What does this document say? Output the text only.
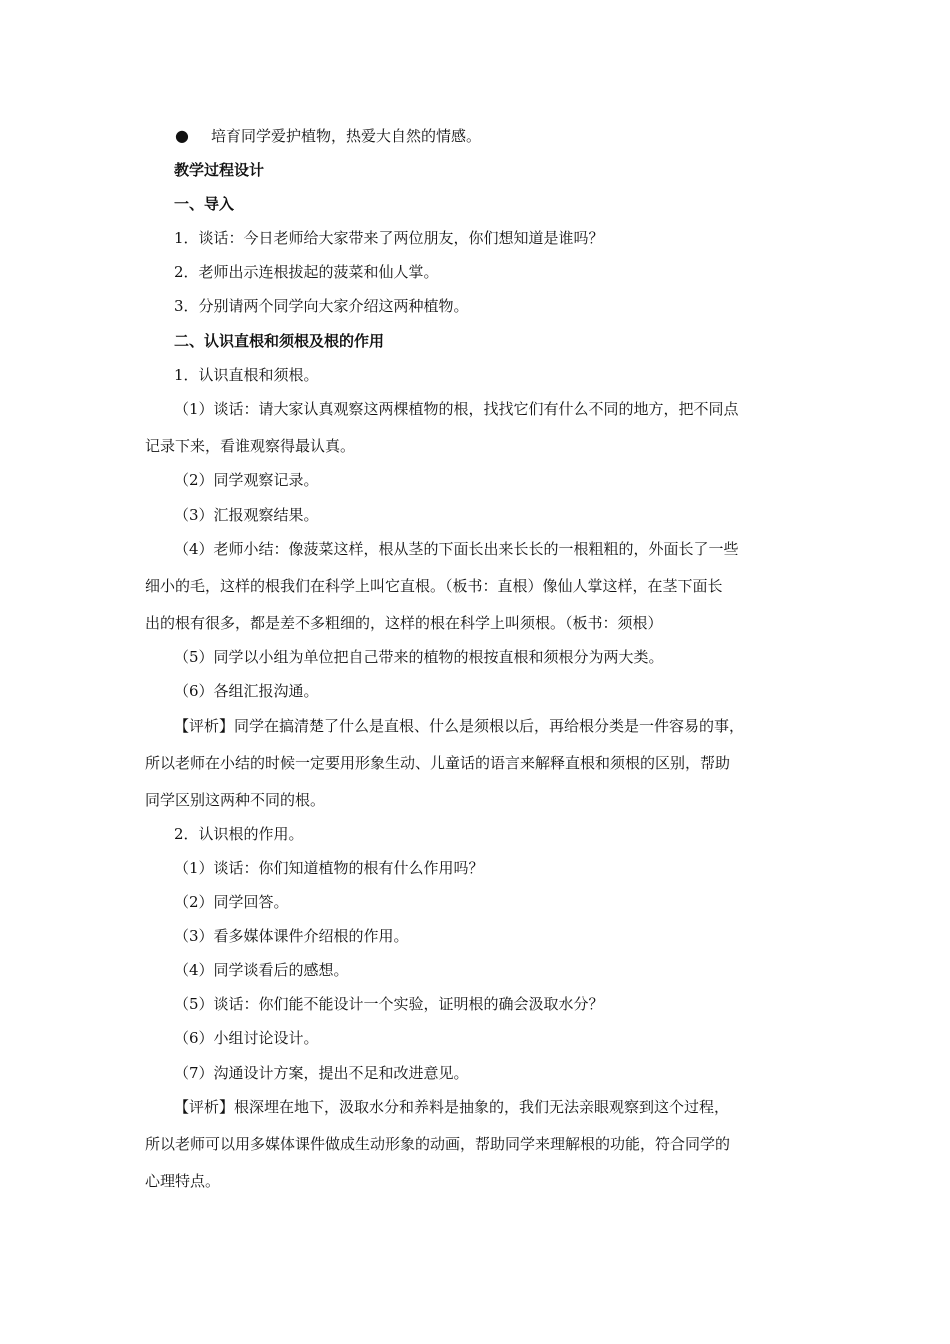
● 培育同学爱护植物，热爱大自然的情感。
教学过程设计
一、导入
1．谈话：今日老师给大家带来了两位朋友，你们想知道是谁吗？
2．老师出示连根拔起的菠菜和仙人掌。
3．分别请两个同学向大家介绍这两种植物。
二、认识直根和须根及根的作用
1．认识直根和须根。
（1）谈话：请大家认真观察这两棵植物的根，找找它们有什么不同的地方，把不同点
记录下来，看谁观察得最认真。
（2）同学观察记录。
（3）汇报观察结果。
（4）老师小结：像菠菜这样，根从茎的下面长出来长长的一根粗粗的，外面长了一些
细小的毛，这样的根我们在科学上叫它直根。（板书：直根）像仙人掌这样，在茎下面长
出的根有很多，都是差不多粗细的，这样的根在科学上叫须根。（板书：须根）
（5）同学以小组为单位把自己带来的植物的根按直根和须根分为两大类。
（6）各组汇报沟通。
【评析】同学在搞清楚了什么是直根、什么是须根以后，再给根分类是一件容易的事，
所以老师在小结的时候一定要用形象生动、儿童话的语言来解释直根和须根的区别，帮助
同学区别这两种不同的根。
2．认识根的作用。
（1）谈话：你们知道植物的根有什么作用吗？
（2）同学回答。
（3）看多媒体课件介绍根的作用。
（4）同学谈看后的感想。
（5）谈话：你们能不能设计一个实验，证明根的确会汲取水分？
（6）小组讨论设计。
（7）沟通设计方案，提出不足和改进意见。
【评析】根深埋在地下，汲取水分和养料是抽象的，我们无法亲眼观察到这个过程，
所以老师可以用多媒体课件做成生动形象的动画，帮助同学来理解根的功能，符合同学的
心理特点。
